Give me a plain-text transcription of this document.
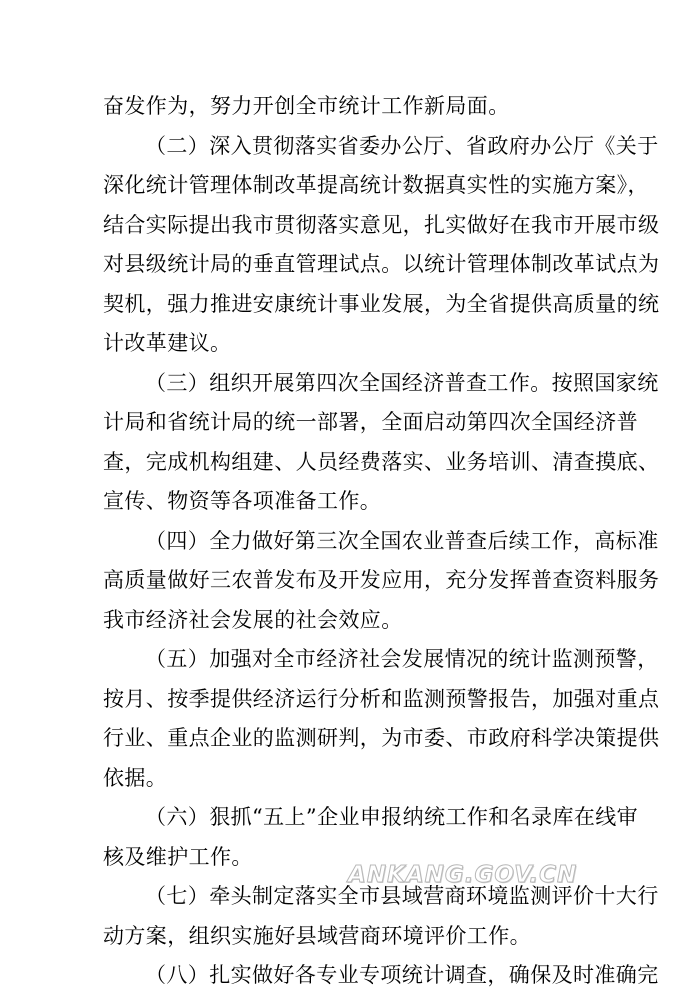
奋发作为，努力开创全市统计工作新局面。
（二）深入贯彻落实省委办公厅、省政府办公厅《关于
深化统计管理体制改革提高统计数据真实性的实施方案》，
结合实际提出我市贯彻落实意见，扎实做好在我市开展市级
对县级统计局的垂直管理试点。以统计管理体制改革试点为
契机，强力推进安康统计事业发展，为全省提供高质量的统
计改革建议。
（三）组织开展第四次全国经济普查工作。按照国家统
计局和省统计局的统一部署，全面启动第四次全国经济普
查，完成机构组建、人员经费落实、业务培训、清查摸底、
宣传、物资等各项准备工作。
（四）全力做好第三次全国农业普查后续工作，高标准
高质量做好三农普发布及开发应用，充分发挥普查资料服务
我市经济社会发展的社会效应。
（五）加强对全市经济社会发展情况的统计监测预警，
按月、按季提供经济运行分析和监测预警报告，加强对重点
行业、重点企业的监测研判，为市委、市政府科学决策提供
依据。
（六）狠抓“五上”企业申报纳统工作和名录库在线审
核及维护工作。
（七）牵头制定落实全市县域营商环境监测评价十大行
动方案，组织实施好县域营商环境评价工作。
（八）扎实做好各专业专项统计调查，确保及时准确完

ANKANG.GOV.CN
